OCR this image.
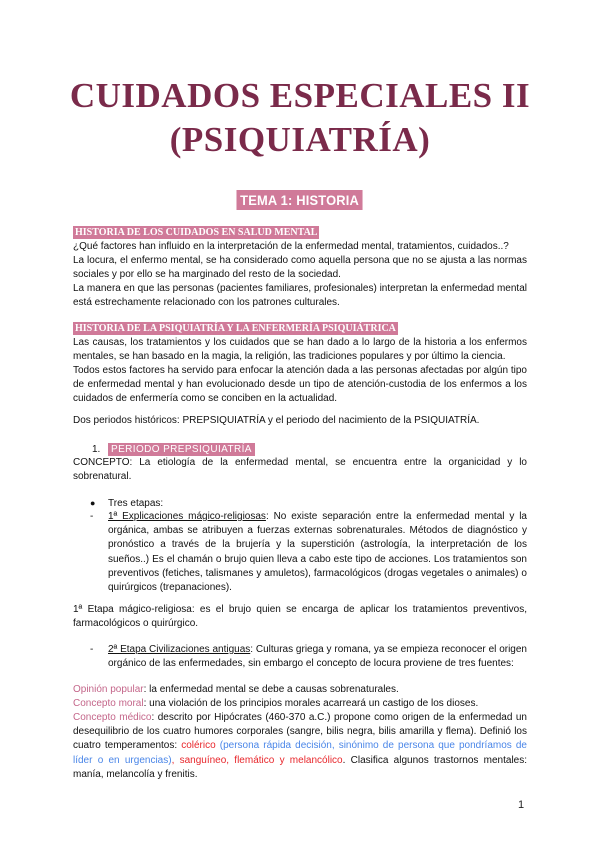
CUIDADOS ESPECIALES II
(PSIQUIATRÍA)
TEMA 1: HISTORIA
HISTORIA DE LOS CUIDADOS EN SALUD MENTAL

¿Qué factores han influido en la interpretación de la enfermedad mental, tratamientos, cuidados..?

La locura, el enfermo mental, se ha considerado como aquella persona que no se ajusta a las normas sociales y por ello se ha marginado del resto de la sociedad.

La manera en que las personas (pacientes familiares, profesionales) interpretan la enfermedad mental está estrechamente relacionado con los patrones culturales.

HISTORIA DE LA PSIQUIATRÍA Y LA ENFERMERÍA PSIQUIÁTRICA

Las causas, los tratamientos y los cuidados que se han dado a lo largo de la historia a los enfermos mentales, se han basado en la magia, la religión, las tradiciones populares y por último la ciencia.

Todos estos factores ha servido para enfocar la atención dada a las personas afectadas por algún tipo de enfermedad mental y han evolucionado desde un tipo de atención-custodia de los enfermos a los cuidados de enfermería como se conciben en la actualidad.

Dos periodos históricos: PREPSIQUIATRÍA y el periodo del nacimiento de la PSIQUIATRÍA.

1.	PERIODO PREPSIQUIATRÍA

CONCEPTO: La etiología de la enfermedad mental, se encuentra entre la organicidad y lo sobrenatural.

● Tres etapas:
- 1ª Explicaciones mágico-religiosas: No existe separación entre la enfermedad mental y la orgánica, ambas se atribuyen a fuerzas externas sobrenaturales. Métodos de diagnóstico y pronóstico a través de la brujería y la superstición (astrología, la interpretación de los sueños..) Es el chamán o brujo quien lleva a cabo este tipo de acciones. Los tratamientos son preventivos (fetiches, talismanes y amuletos), farmacológicos (drogas vegetales o animales) o quirúrgicos (trepanaciones).

1ª Etapa mágico-religiosa: es el brujo quien se encarga de aplicar los tratamientos preventivos, farmacológicos o quirúrgico.

- 2ª Etapa Civilizaciones antiguas: Culturas griega y romana, ya se empieza reconocer el origen orgánico de las enfermedades, sin embargo el concepto de locura proviene de tres fuentes:

Opinión popular: la enfermedad mental se debe a causas sobrenaturales.

Concepto moral: una violación de los principios morales acarreará un castigo de los dioses.

Concepto médico: descrito por Hipócrates (460-370 a.C.) propone como origen de la enfermedad un desequilibrio de los cuatro humores corporales (sangre, bilis negra, bilis amarilla y flema). Definió los cuatro temperamentos: colérico (persona rápida decisión, sinónimo de persona que pondríamos de líder o en urgencias), sanguíneo, flemático y melancólico. Clasifica algunos trastornos mentales: manía, melancolía y frenitis.

1
